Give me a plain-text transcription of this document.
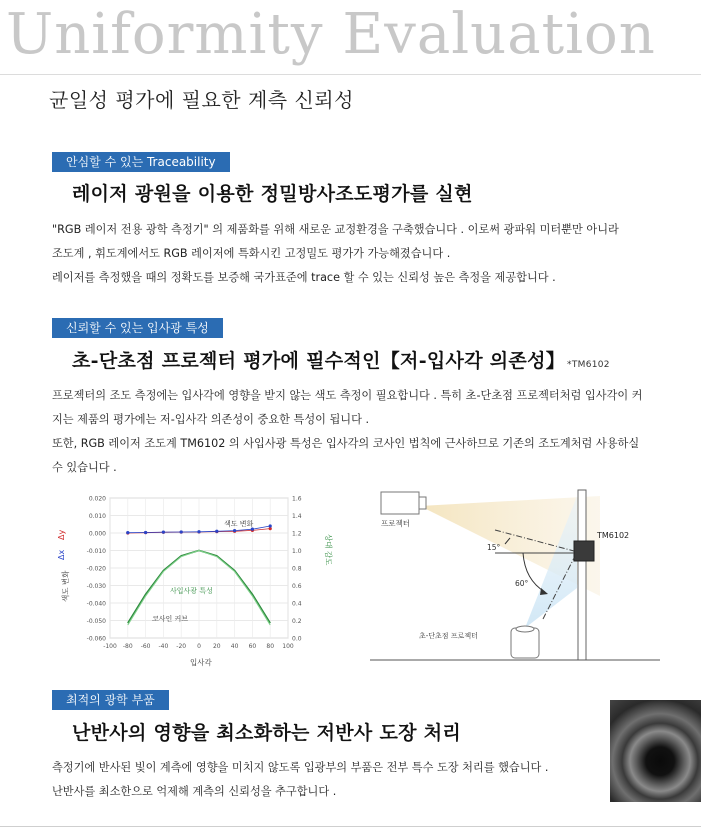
Uniformity Evaluation
균일성 평가에 필요한 계측 신뢰성
안심할 수 있는 Traceability
레이저 광원을 이용한 정밀방사조도평가를 실현

"RGB 레이저 전용 광학 측정기" 의 제품화를 위해 새로운 교정환경을 구축했습니다 . 이로써 광파워 미터뿐만 아니라

조도계 , 휘도계에서도 RGB 레이저에 특화시킨 고정밀도 평가가 가능해졌습니다 .

레이저를 측정했을 때의 정확도를 보증해 국가표준에 trace 할 수 있는 신뢰성 높은 측정을 제공합니다 .

신뢰할 수 있는 입사광 특성
초-단초점 프로젝터 평가에 필수적인【저-입사각 의존성】 *TM6102

프로젝터의 조도 측정에는 입사각에 영향을 받지 않는 색도 측정이 필요합니다 . 특히 초-단초점 프로젝터처럼 입사각이 커

지는 제품의 평가에는 저-입사각 의존성이 중요한 특성이 됩니다 .

또한, RGB 레이저 조도계 TM6102 의 사입사광 특성은 입사각의 코사인 법칙에 근사하므로 기존의 조도계처럼 사용하실

수 있습니다 .

0.020
0.010
0.000
-0.010
-0.020
-0.030
-0.040
-0.050
-0.060
1.6
1.4
1.2
1.0
0.8
0.6
0.4
0.2
0.0
-100 -80 -60 -40 -20 0 20 40 60 80 100
Δx
Δy
색도 변화
상대 감도
입사각
색도 변화
사입사광 특성
코사인 커브
프로젝터
TM6102
15°
60°
초-단초점 프로젝터
최적의 광학 부품
난반사의 영향을 최소화하는 저반사 도장 처리

측정기에 반사된 빛이 계측에 영향을 미치지 않도록 입광부의 부품은 전부 특수 도장 처리를 했습니다 .

난반사를 최소한으로 억제해 계측의 신뢰성을 추구합니다 .
